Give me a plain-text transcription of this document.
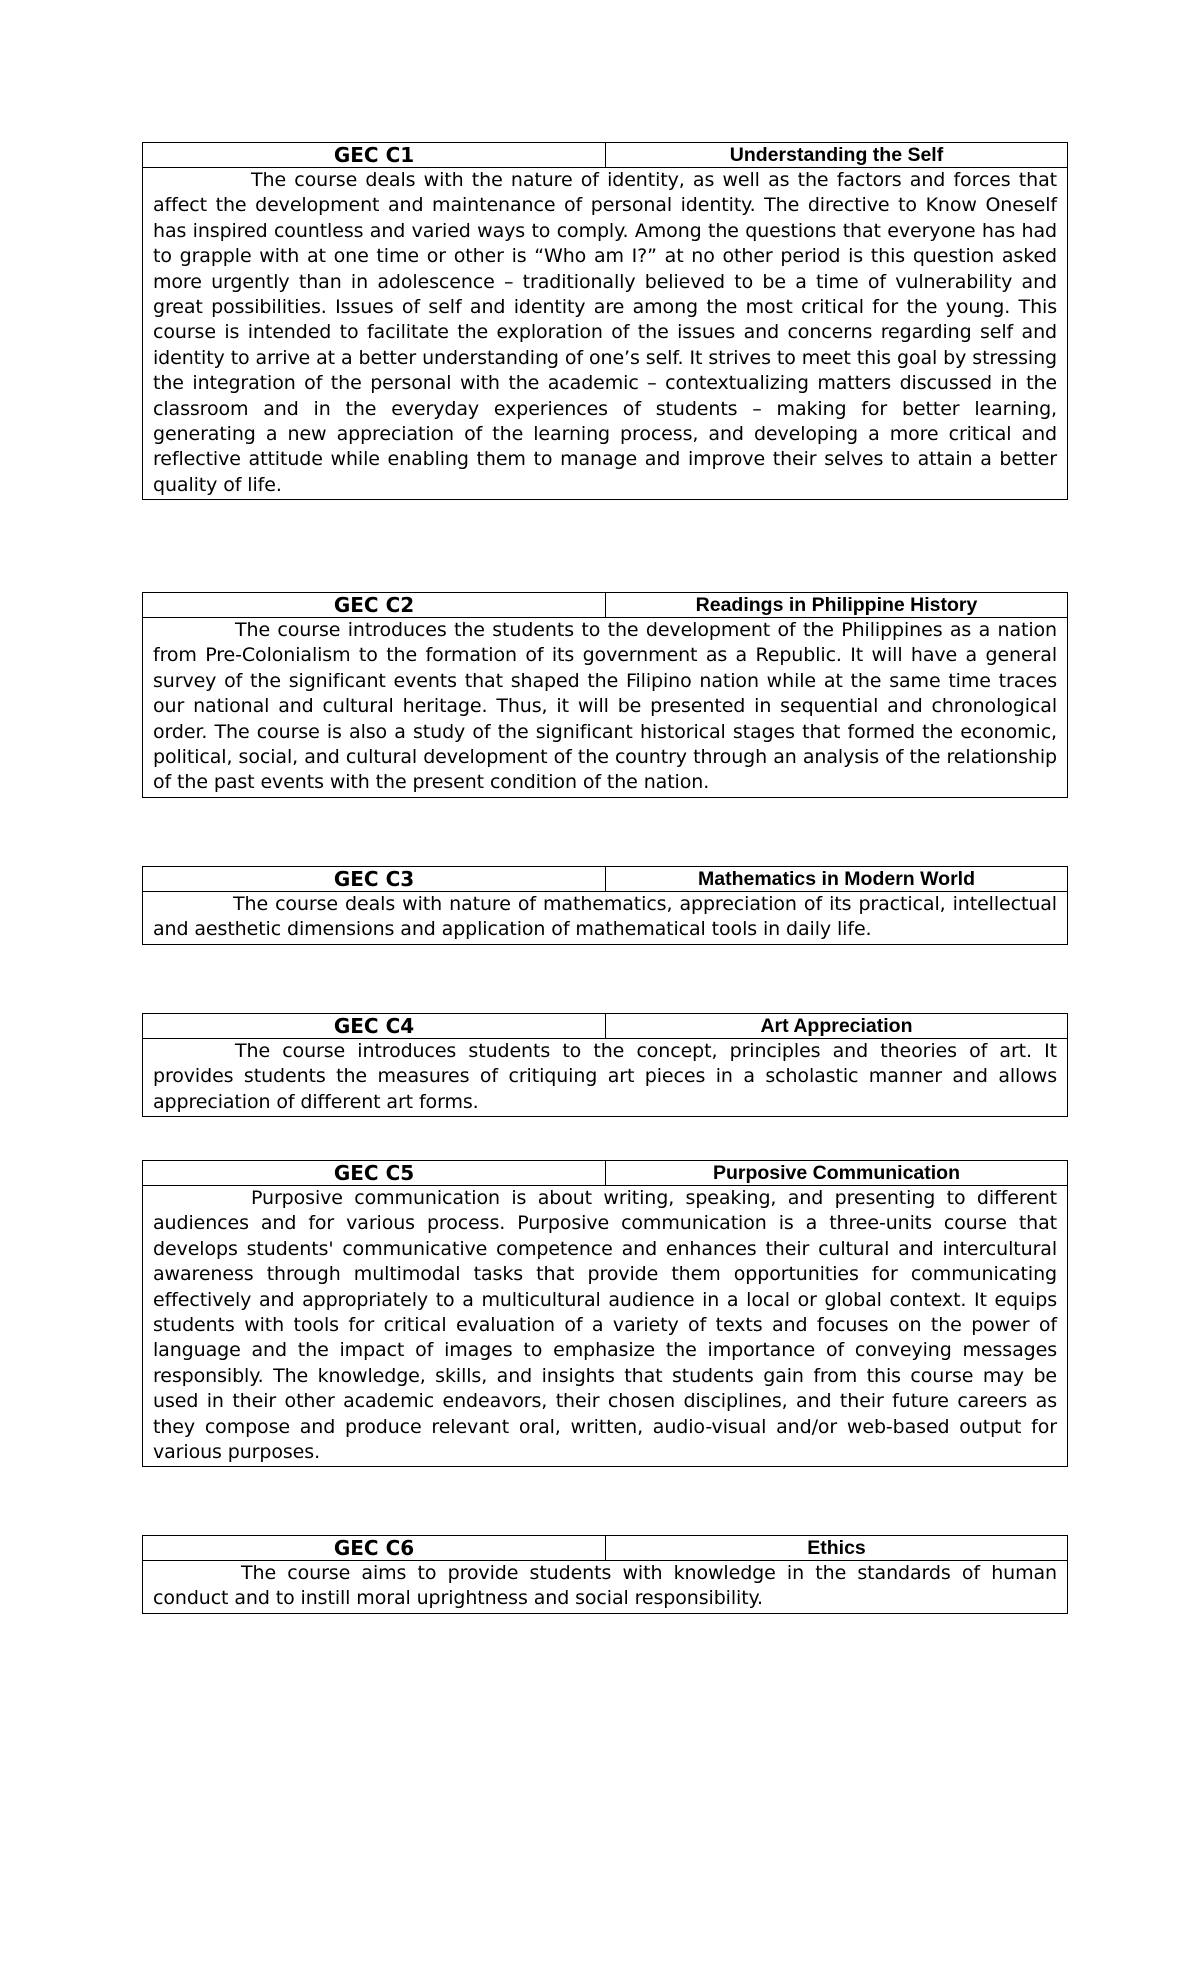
GEC C1	Understanding the Self
The course deals with the nature of identity, as well as the factors and forces that affect the development and maintenance of personal identity. The directive to Know Oneself has inspired countless and varied ways to comply. Among the questions that everyone has had to grapple with at one time or other is “Who am I?” at no other period is this question asked more urgently than in adolescence – traditionally believed to be a time of vulnerability and great possibilities. Issues of self and identity are among the most critical for the young. This course is intended to facilitate the exploration of the issues and concerns regarding self and identity to arrive at a better understanding of one’s self. It strives to meet this goal by stressing the integration of the personal with the academic – contextualizing matters discussed in the classroom and in the everyday experiences of students – making for better learning, generating a new appreciation of the learning process, and developing a more critical and reflective attitude while enabling them to manage and improve their selves to attain a better quality of life.
GEC C2	Readings in Philippine History
The course introduces the students to the development of the Philippines as a nation from Pre-Colonialism to the formation of its government as a Republic. It will have a general survey of the significant events that shaped the Filipino nation while at the same time traces our national and cultural heritage. Thus, it will be presented in sequential and chronological order. The course is also a study of the significant historical stages that formed the economic, political, social, and cultural development of the country through an analysis of the relationship of the past events with the present condition of the nation.
GEC C3	Mathematics in Modern World
The course deals with nature of mathematics, appreciation of its practical, intellectual and aesthetic dimensions and application of mathematical tools in daily life.
GEC C4	Art Appreciation
The course introduces students to the concept, principles and theories of art. It provides students the measures of critiquing art pieces in a scholastic manner and allows appreciation of different art forms.
GEC C5	Purposive Communication
Purposive communication is about writing, speaking, and presenting to different audiences and for various process. Purposive communication is a three-units course that develops students' communicative competence and enhances their cultural and intercultural awareness through multimodal tasks that provide them opportunities for communicating effectively and appropriately to a multicultural audience in a local or global context. It equips students with tools for critical evaluation of a variety of texts and focuses on the power of language and the impact of images to emphasize the importance of conveying messages responsibly. The knowledge, skills, and insights that students gain from this course may be used in their other academic endeavors, their chosen disciplines, and their future careers as they compose and produce relevant oral, written, audio-visual and/or web-based output for various purposes.
GEC C6	Ethics
The course aims to provide students with knowledge in the standards of human conduct and to instill moral uprightness and social responsibility.
